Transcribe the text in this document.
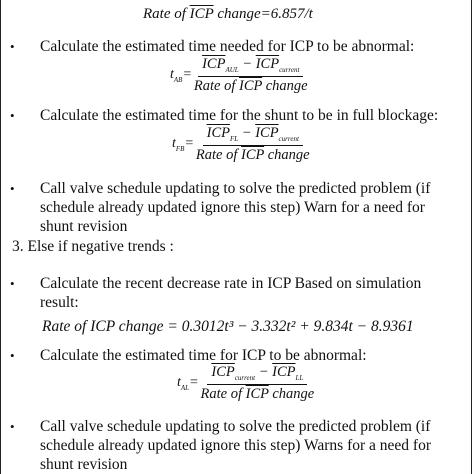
Rate of $\overline{ICP}$ change=6.857/t
• Calculate the estimated time needed for ICP to be abnormal:
$t_{AB}= \frac{\overline{ICP}_{AUL} - \overline{ICP}_{current}}{Rate of \overline{ICP} change}$
• Calculate the estimated time for the shunt to be in full blockage:
$t_{FB}= \frac{\overline{ICP}_{FL} - \overline{ICP}_{current}}{Rate of \overline{ICP} change}$
• Call valve schedule updating to solve the predicted problem (if
schedule already updated ignore this step) Warn for a need for
shunt revision
3. Else if negative trends :
• Calculate the recent decrease rate in ICP Based on simulation
result:
Rate of ICP change = 0.3012t³ − 3.332t² + 9.834t − 8.9361
• Calculate the estimated time for ICP to be abnormal:
$t_{AL}= \frac{\overline{ICP}_{current} - \overline{ICP}_{LL}}{Rate of \overline{ICP} change}$
• Call valve schedule updating to solve the predicted problem (if
schedule already updated ignore this step) Warns for a need for
shunt revision
